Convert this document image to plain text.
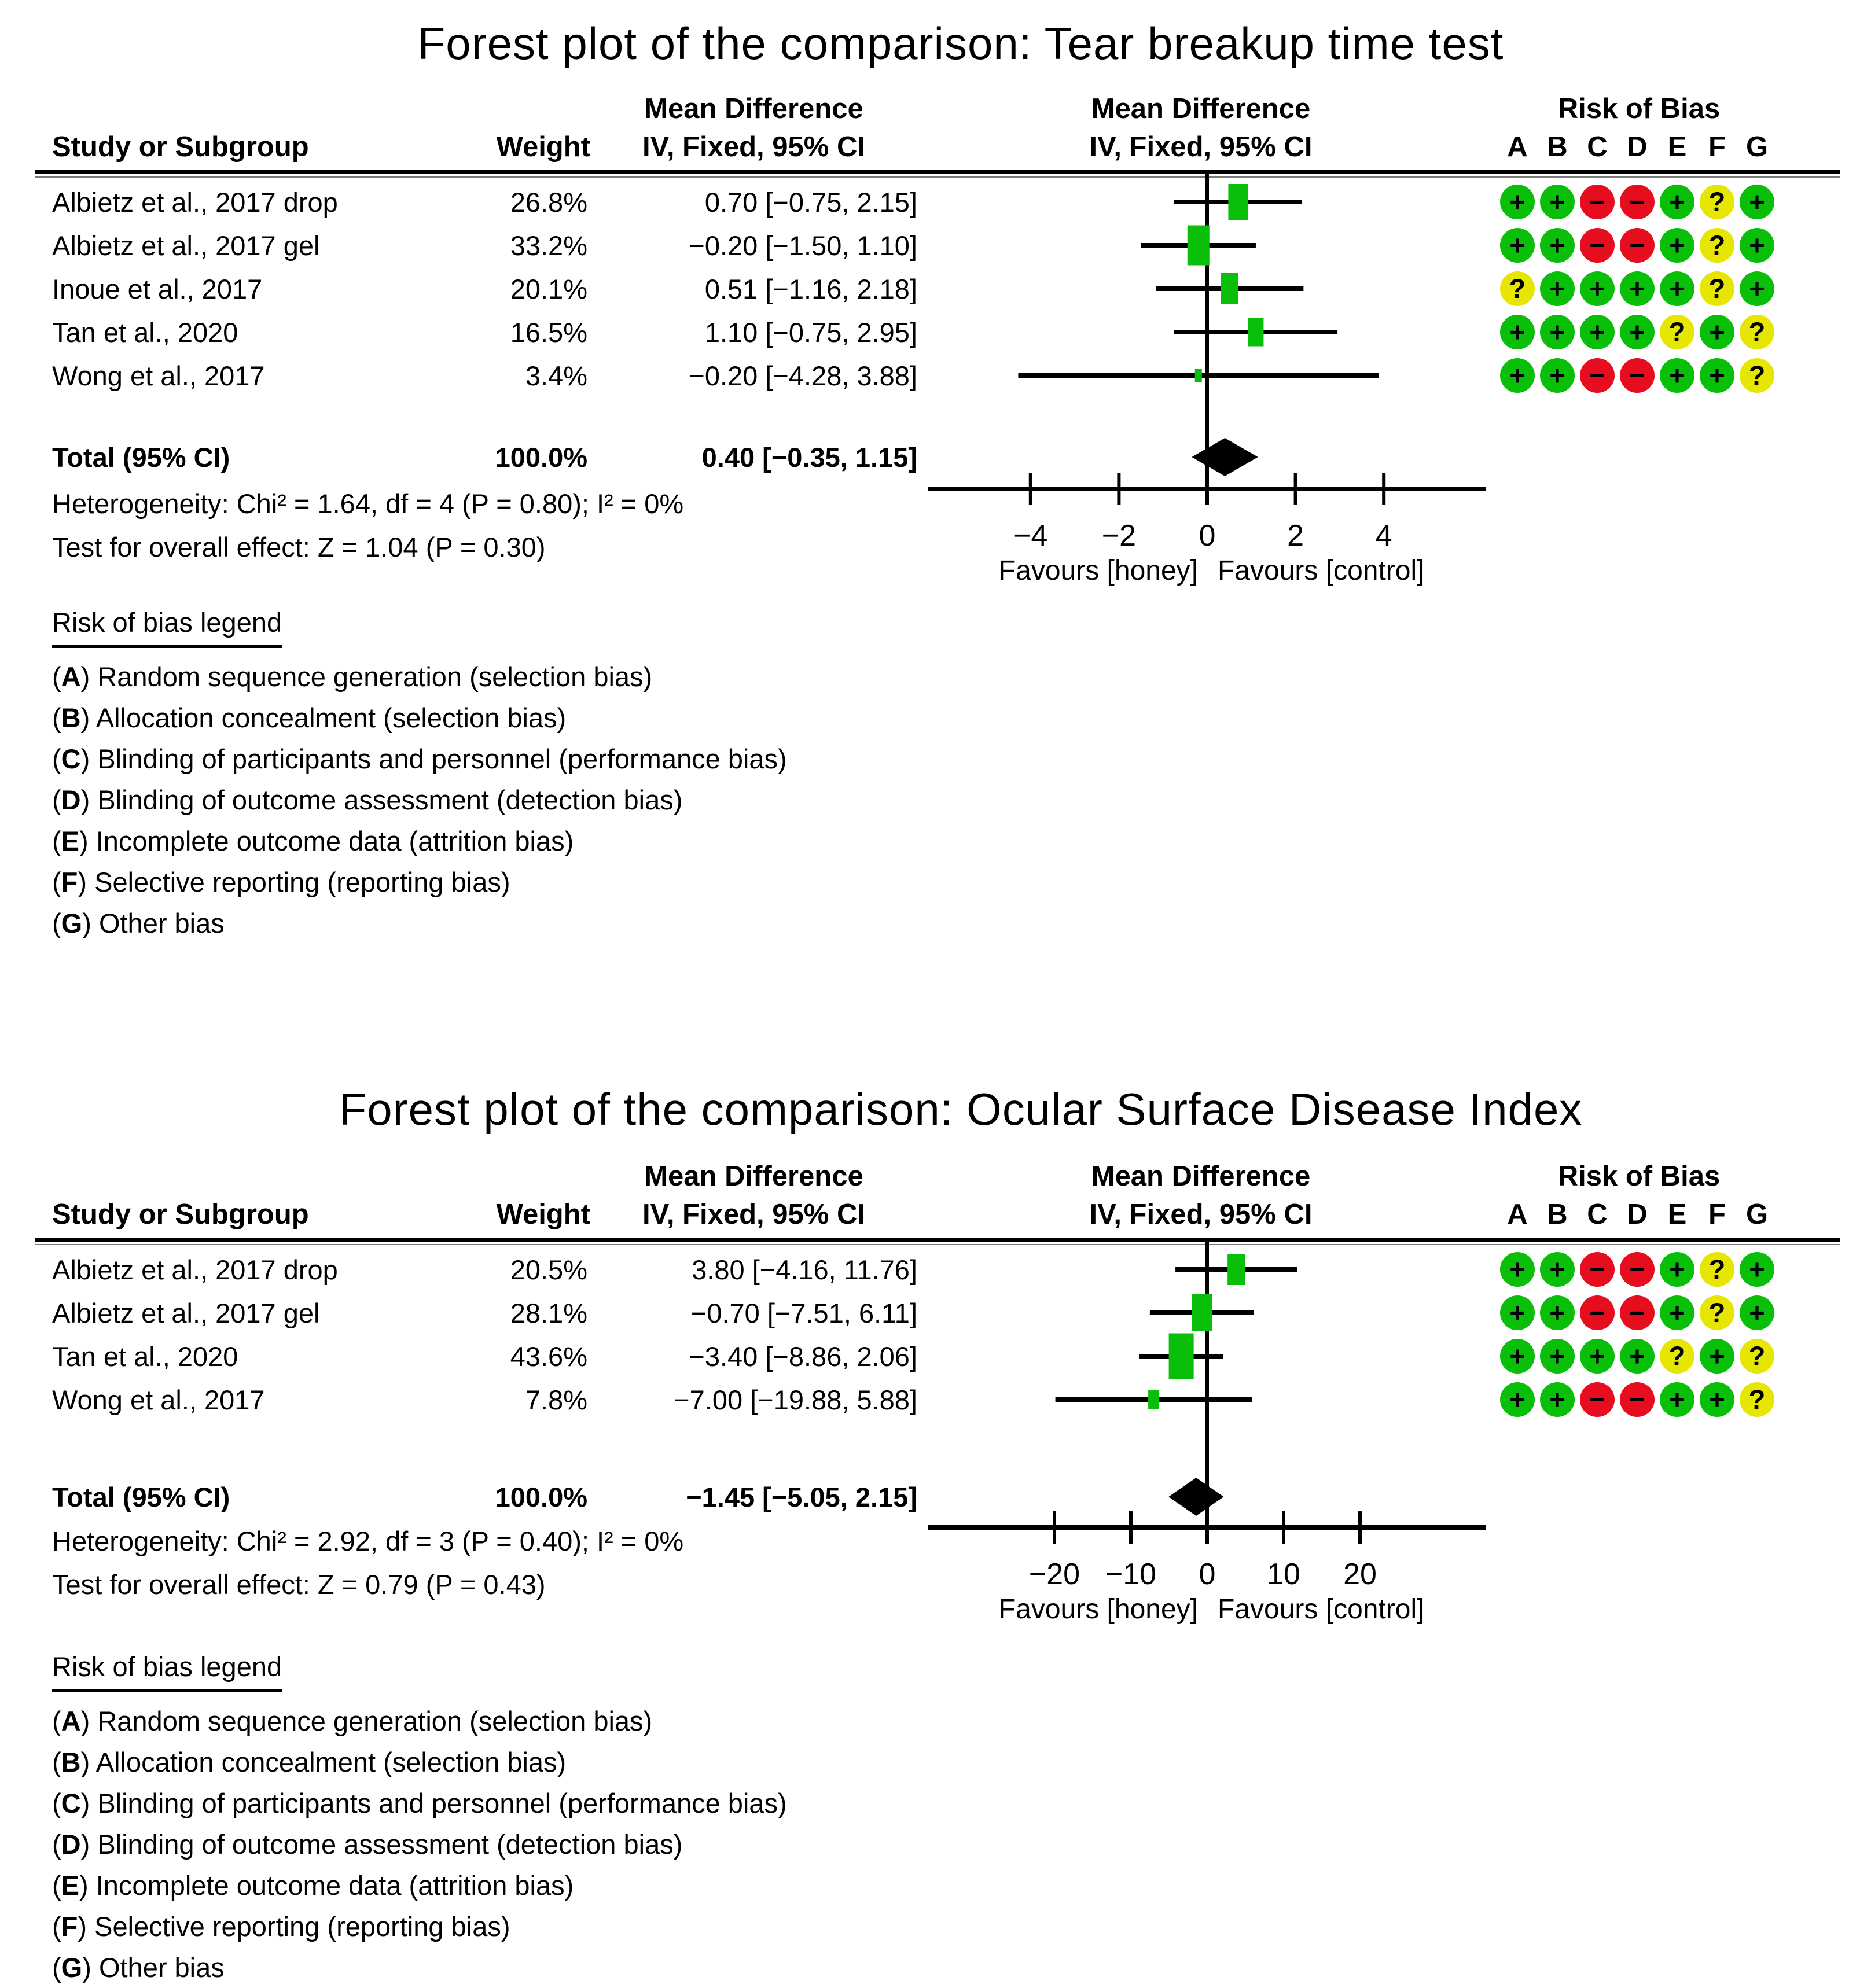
Forest plot of the comparison: Tear breakup time test
Mean Difference	Mean Difference	Risk of Bias
Study or Subgroup	Weight	IV, Fixed, 95% CI	IV, Fixed, 95% CI
Total (95% CI)	100.0%	0.40 [−0.35, 1.15]
Heterogeneity: Chi² = 1.64, df = 4 (P = 0.80); I² = 0%
Test for overall effect: Z = 1.04 (P = 0.30)
Risk of bias legend
(A) Random sequence generation (selection bias)
(B) Allocation concealment (selection bias)
(C) Blinding of participants and personnel (performance bias)
(D) Blinding of outcome assessment (detection bias)
(E) Incomplete outcome data (attrition bias)
(F) Selective reporting (reporting bias)
(G) Other bias
Forest plot of the comparison: Ocular Surface Disease Index
Mean Difference	Mean Difference	Risk of Bias
Study or Subgroup	Weight	IV, Fixed, 95% CI	IV, Fixed, 95% CI
Total (95% CI)	100.0%	−1.45 [−5.05, 2.15]
Heterogeneity: Chi² = 2.92, df = 3 (P = 0.40); I² = 0%
Test for overall effect: Z = 0.79 (P = 0.43)
Risk of bias legend
(A) Random sequence generation (selection bias)
(B) Allocation concealment (selection bias)
(C) Blinding of participants and personnel (performance bias)
(D) Blinding of outcome assessment (detection bias)
(E) Incomplete outcome data (attrition bias)
(F) Selective reporting (reporting bias)
(G) Other bias
Albietz et al., 2017 drop	26.8%	0.70 [−0.75, 2.15]	+ + − − + ? +
Albietz et al., 2017 gel	33.2%	−0.20 [−1.50, 1.10]	+ + − − + ? +
Inoue et al., 2017	20.1%	0.51 [−1.16, 2.18]	? + + + + ? +
Tan et al., 2020	16.5%	1.10 [−0.75, 2.95]	+ + + + ? + ?
Wong et al., 2017	3.4%	−0.20 [−4.28, 3.88]	+ + − − + + ?
A B C D E F G
−4 −2 0 2 4
Favours [honey] Favours [control]
Albietz et al., 2017 drop	20.5%	3.80 [−4.16, 11.76]	+ + − − + ? +
Albietz et al., 2017 gel	28.1%	−0.70 [−7.51, 6.11]	+ + − − + ? +
Tan et al., 2020	43.6%	−3.40 [−8.86, 2.06]	+ + + + ? + ?
Wong et al., 2017	7.8%	−7.00 [−19.88, 5.88]	+ + − − + + ?
A B C D E F G
−20 −10 0 10 20
Favours [honey] Favours [control]
